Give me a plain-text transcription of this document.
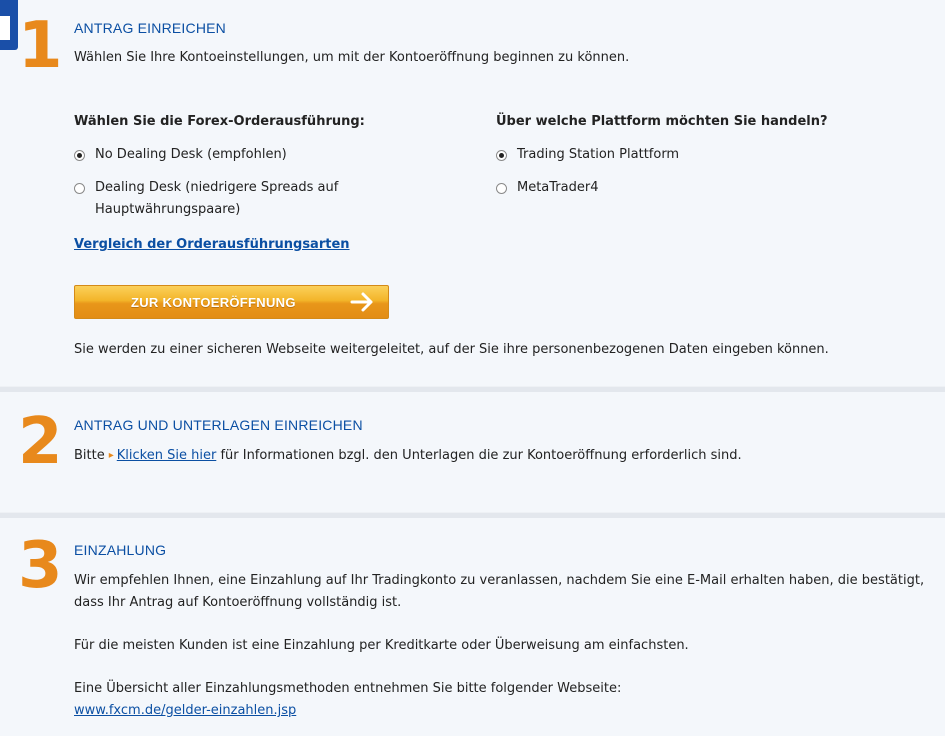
1 ANTRAG EINREICHEN

Wählen Sie Ihre Kontoeinstellungen, um mit der Kontoeröffnung beginnen zu können.

Wählen Sie die Forex-Orderausführung:
No Dealing Desk (empfohlen)
Dealing Desk (niedrigere Spreads auf
Hauptwährungspaare)
Über welche Plattform möchten Sie handeln?
Trading Station Plattform
MetaTrader4
Vergleich der Orderausführungsarten
ZUR KONTOERÖFFNUNG

Sie werden zu einer sicheren Webseite weitergeleitet, auf der Sie ihre personenbezogenen Daten eingeben können.

2 ANTRAG UND UNTERLAGEN EINREICHEN

Bitte ▸ Klicken Sie hier für Informationen bzgl. den Unterlagen die zur Kontoeröffnung erforderlich sind.

3 EINZAHLUNG

Wir empfehlen Ihnen, eine Einzahlung auf Ihr Tradingkonto zu veranlassen, nachdem Sie eine E-Mail erhalten haben, die bestätigt,
dass Ihr Antrag auf Kontoeröffnung vollständig ist.

Für die meisten Kunden ist eine Einzahlung per Kreditkarte oder Überweisung am einfachsten.

Eine Übersicht aller Einzahlungsmethoden entnehmen Sie bitte folgender Webseite:
www.fxcm.de/gelder-einzahlen.jsp
